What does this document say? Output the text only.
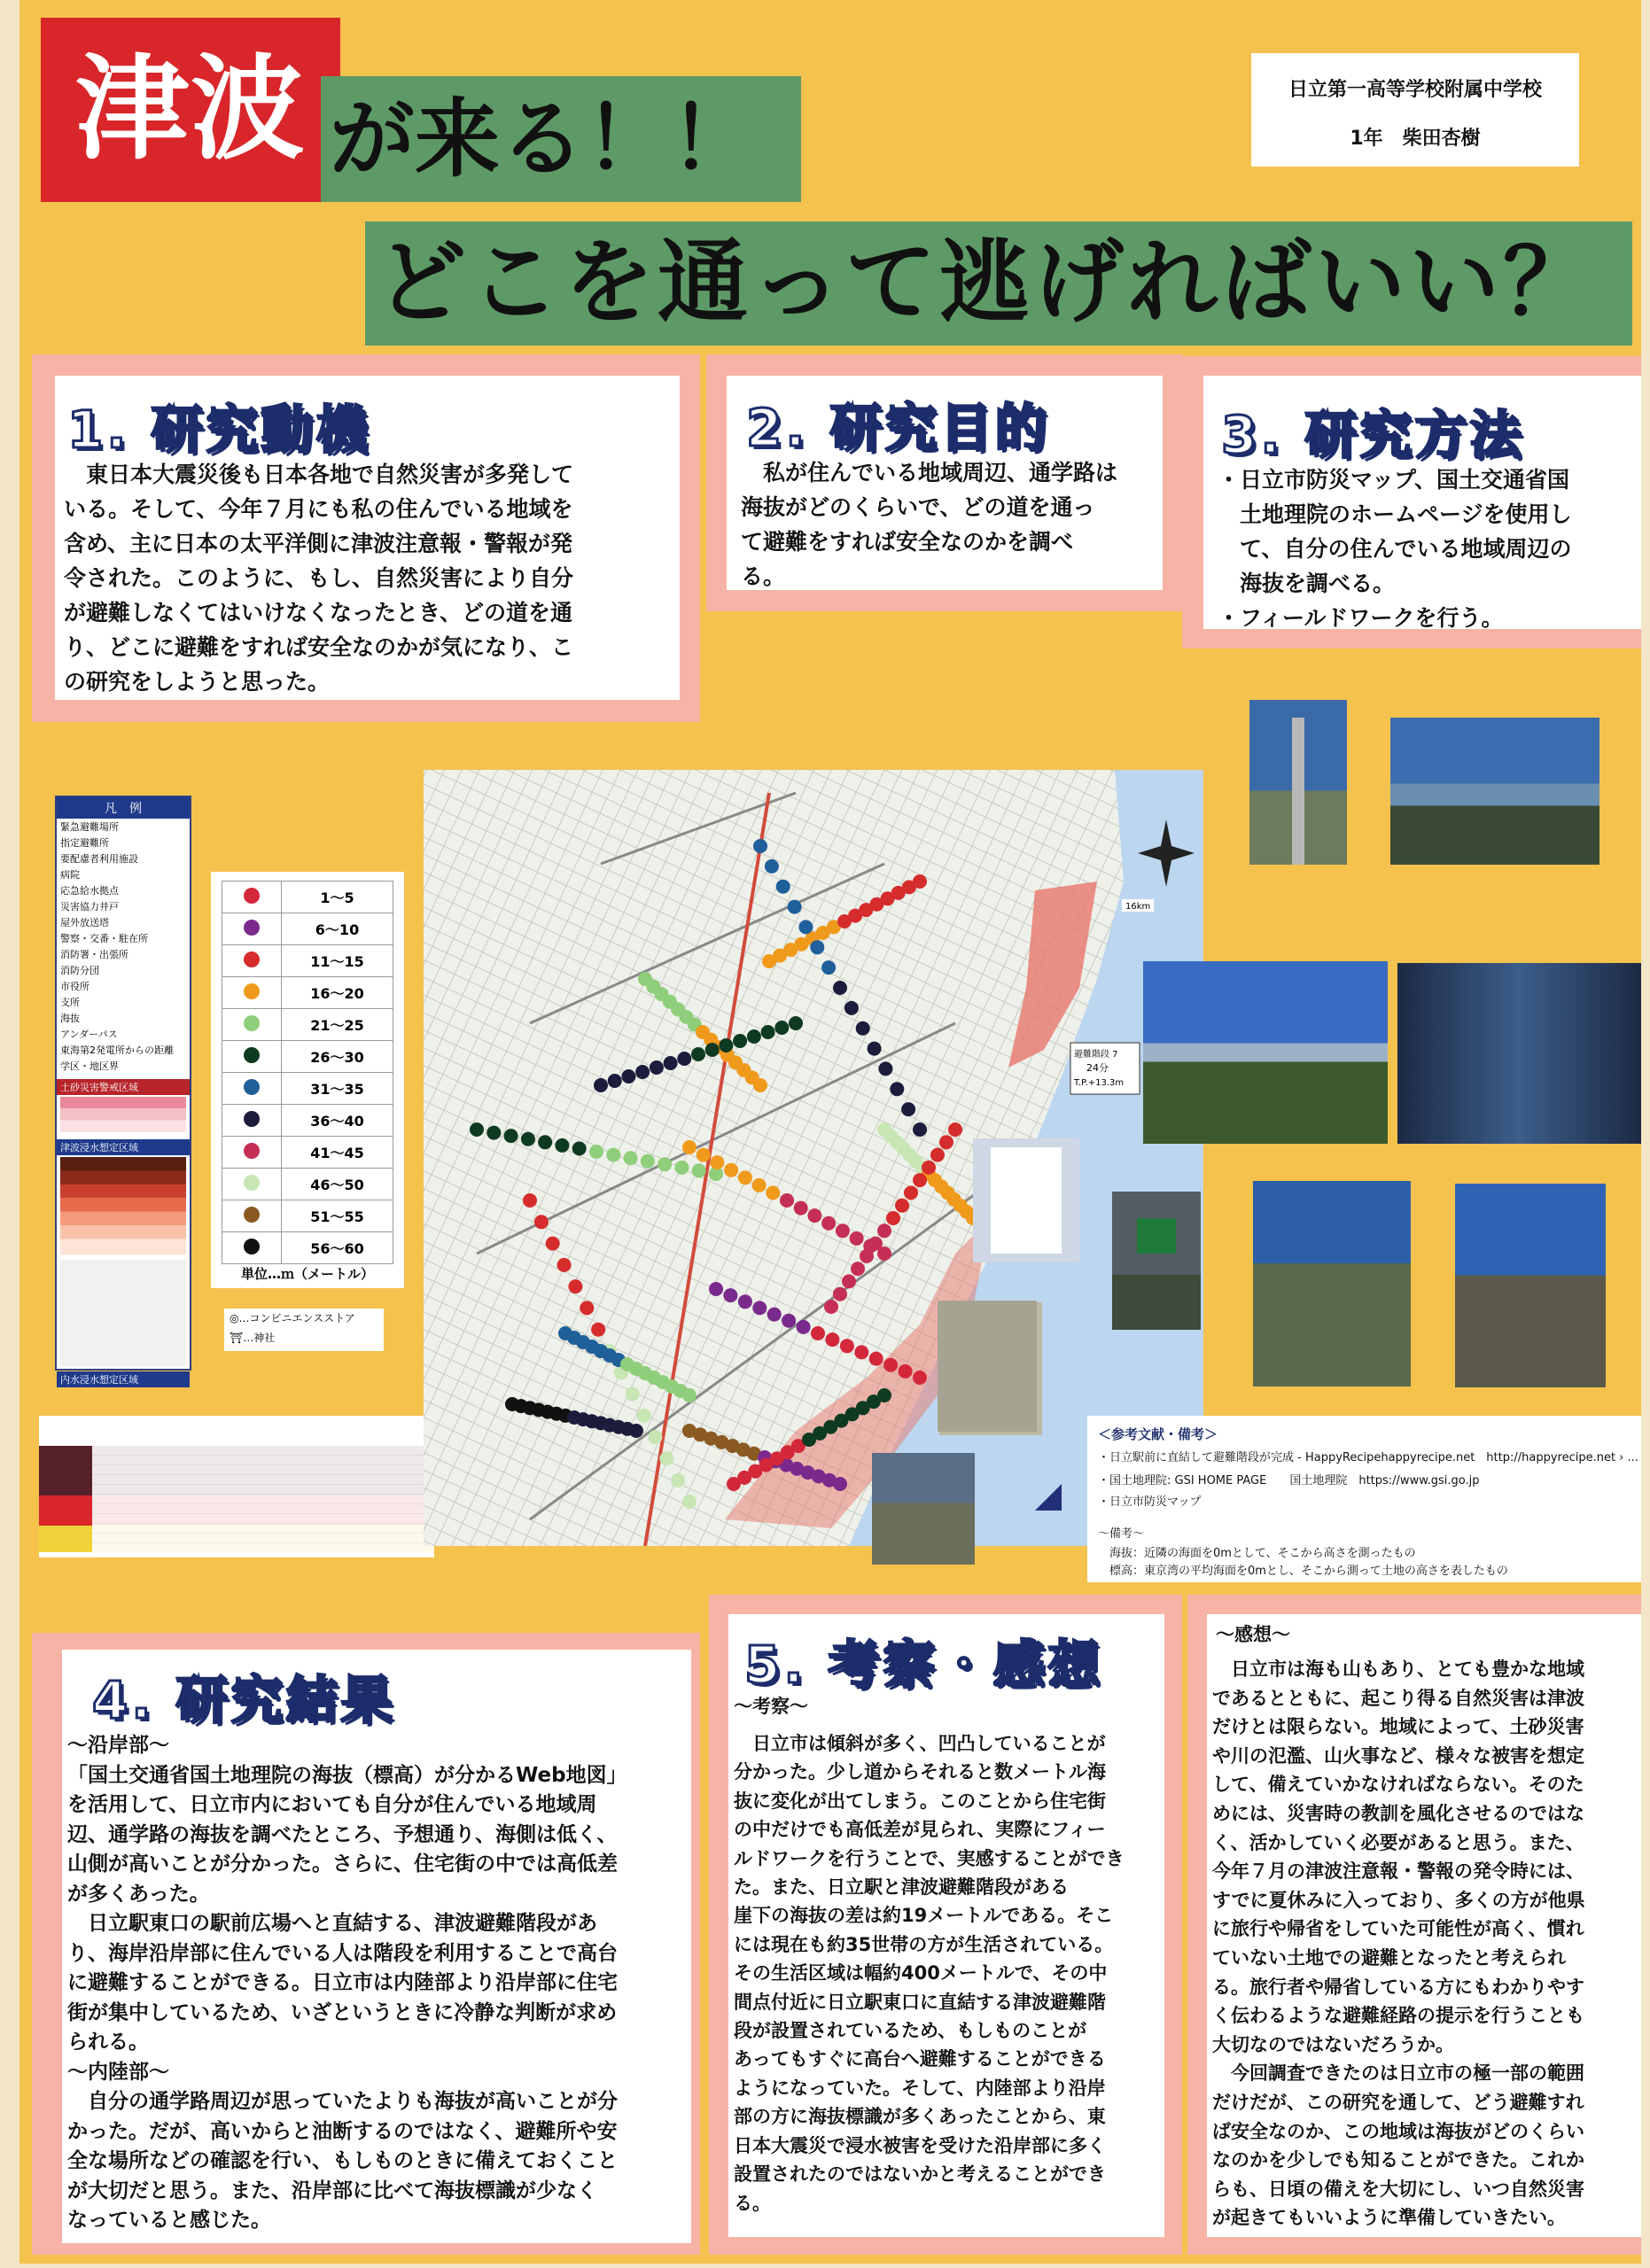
津波 が来る！！
どこを通って逃げればいい？
日立第一高等学校附属中学校
1年　柴田杏樹
1. 研究動機
　東日本大震災後も日本各地で自然災害が多発して
いる。そして、今年７月にも私の住んでいる地域を
含め、主に日本の太平洋側に津波注意報・警報が発
令された。このように、もし、自然災害により自分
が避難しなくてはいけなくなったとき、どの道を通
り、どこに避難をすれば安全なのかが気になり、こ
の研究をしようと思った。
2. 研究目的
　私が住んでいる地域周辺、通学路は
海抜がどのくらいで、どの道を通っ
て避難をすれば安全なのかを調べ
る。
3. 研究方法
・日立市防災マップ、国土交通省国
　土地理院のホームページを使用し
　て、自分の住んでいる地域周辺の
　海抜を調べる。
・フィールドワークを行う。
凡　例
緊急避難場所
指定避難所
要配慮者利用施設
病院
応急給水拠点
災害協力井戸
屋外放送塔
警察・交番・駐在所
消防署・出張所
消防分団
市役所
支所
海抜
アンダーパス
東海第2発電所からの距離
学区・地区界
土砂災害警戒区域
津波浸水想定区域
内水浸水想定区域
	1～5
	6～10
	11～15
	16～20
	21～25
	26～30
	31～35
	36～40
	41～45
	46～50
	51～55
	56～60
単位…ｍ（メートル）
◎…コンビニエンスストア
⛩…神社
16km
避難階段 7
24分
T.P.+13.3m
＜参考文献・備考＞
・日立駅前に直結して避難階段が完成 - HappyRecipehappyrecipe.net　http://happyrecipe.net › ...
・国土地理院: GSI HOME PAGE　　国土地理院　https://www.gsi.go.jp
・日立市防災マップ
〜備考〜
　海抜：近隣の海面を0mとして、そこから高さを測ったもの
　標高：東京湾の平均海面を0mとし、そこから測って土地の高さを表したもの
4. 研究結果
〜沿岸部〜
「国土交通省国土地理院の海抜（標高）が分かるWeb地図」
を活用して、日立市内においても自分が住んでいる地域周
辺、通学路の海抜を調べたところ、予想通り、海側は低く、
山側が高いことが分かった。さらに、住宅街の中では高低差
が多くあった。
　日立駅東口の駅前広場へと直結する、津波避難階段があ
り、海岸沿岸部に住んでいる人は階段を利用することで高台
に避難することができる。日立市は内陸部より沿岸部に住宅
街が集中しているため、いざというときに冷静な判断が求め
られる。
〜内陸部〜
　自分の通学路周辺が思っていたよりも海抜が高いことが分
かった。だが、高いからと油断するのではなく、避難所や安
全な場所などの確認を行い、もしものときに備えておくこと
が大切だと思う。また、沿岸部に比べて海抜標識が少なく
なっていると感じた。
5. 考察・感想
〜考察〜
　日立市は傾斜が多く、凹凸していることが
分かった。少し道からそれると数メートル海
抜に変化が出てしまう。このことから住宅街
の中だけでも高低差が見られ、実際にフィー
ルドワークを行うことで、実感することができ
た。また、日立駅と津波避難階段がある
崖下の海抜の差は約19メートルである。そこ
には現在も約35世帯の方が生活されている。
その生活区域は幅約400メートルで、その中
間点付近に日立駅東口に直結する津波避難階
段が設置されているため、もしものことが
あってもすぐに高台へ避難することができる
ようになっていた。そして、内陸部より沿岸
部の方に海抜標識が多くあったことから、東
日本大震災で浸水被害を受けた沿岸部に多く
設置されたのではないかと考えることができ
る。
〜感想〜
　日立市は海も山もあり、とても豊かな地域
であるとともに、起こり得る自然災害は津波
だけとは限らない。地域によって、土砂災害
や川の氾濫、山火事など、様々な被害を想定
して、備えていかなければならない。そのた
めには、災害時の教訓を風化させるのではな
く、活かしていく必要があると思う。また、
今年７月の津波注意報・警報の発令時には、
すでに夏休みに入っており、多くの方が他県
に旅行や帰省をしていた可能性が高く、慣れ
ていない土地での避難となったと考えられ
る。旅行者や帰省している方にもわかりやす
く伝わるような避難経路の提示を行うことも
大切なのではないだろうか。
　今回調査できたのは日立市の極一部の範囲
だけだが、この研究を通して、どう避難すれ
ば安全なのか、この地域は海抜がどのくらい
なのかを少しでも知ることができた。これか
らも、日頃の備えを大切にし、いつ自然災害
が起きてもいいように準備していきたい。
